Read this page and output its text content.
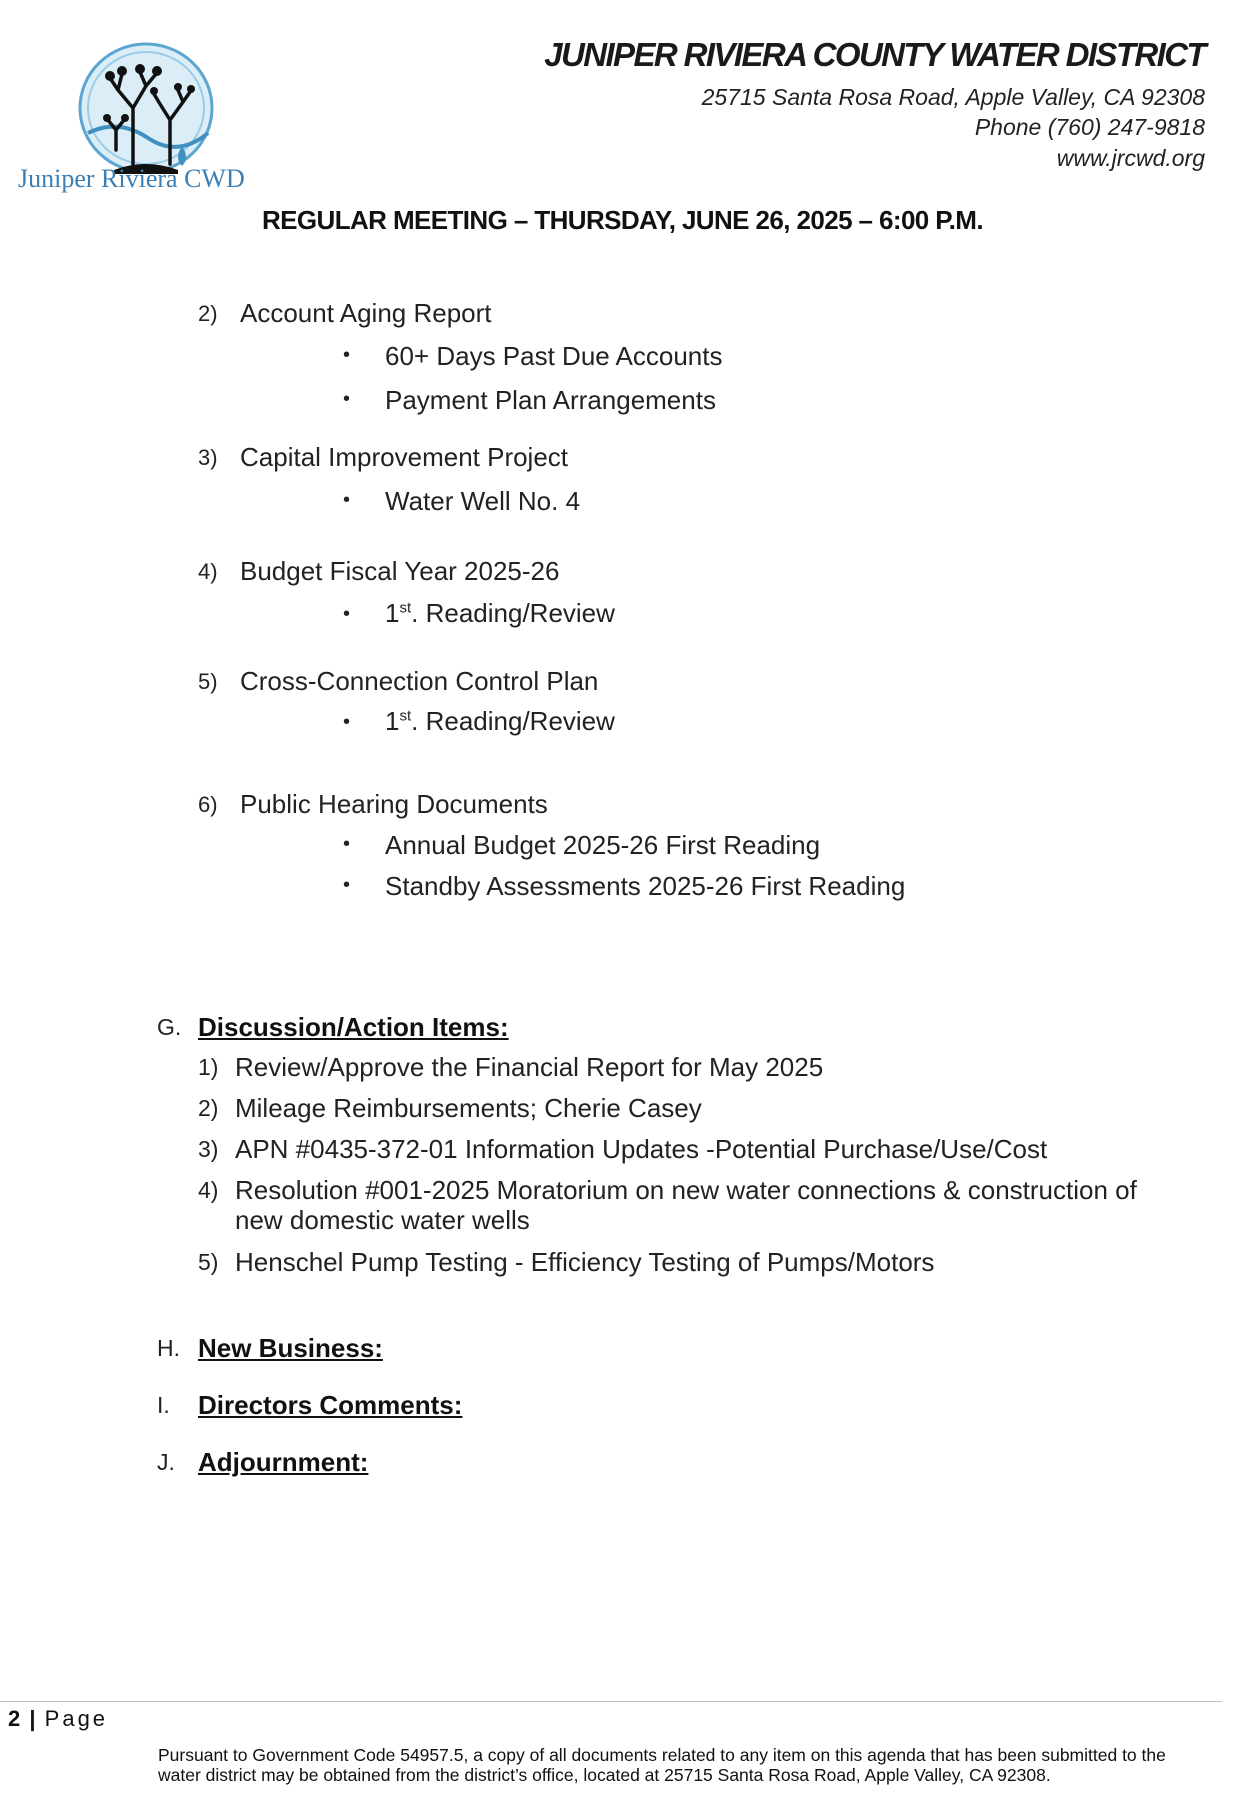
Juniper Riviera CWD
JUNIPER RIVIERA COUNTY WATER DISTRICT
25715 Santa Rosa Road, Apple Valley, CA 92308
Phone (760) 247-9818
www.jrcwd.org
REGULAR MEETING – THURSDAY, JUNE 26, 2025 – 6:00 P.M.
2) Account Aging Report
• 60+ Days Past Due Accounts
• Payment Plan Arrangements
3) Capital Improvement Project
• Water Well No. 4
4) Budget Fiscal Year 2025-26
• 1st. Reading/Review
5) Cross-Connection Control Plan
• 1st. Reading/Review
6) Public Hearing Documents
• Annual Budget 2025-26 First Reading
• Standby Assessments 2025-26 First Reading
G. Discussion/Action Items:
1) Review/Approve the Financial Report for May 2025
2) Mileage Reimbursements; Cherie Casey
3) APN #0435-372-01 Information Updates -Potential Purchase/Use/Cost
4) Resolution #001-2025 Moratorium on new water connections & construction of
new domestic water wells
5) Henschel Pump Testing - Efficiency Testing of Pumps/Motors
H. New Business:
I. Directors Comments:
J. Adjournment:
2 | Page
Pursuant to Government Code 54957.5, a copy of all documents related to any item on this agenda that has been submitted to the water district may be obtained from the district’s office, located at 25715 Santa Rosa Road, Apple Valley, CA 92308.
